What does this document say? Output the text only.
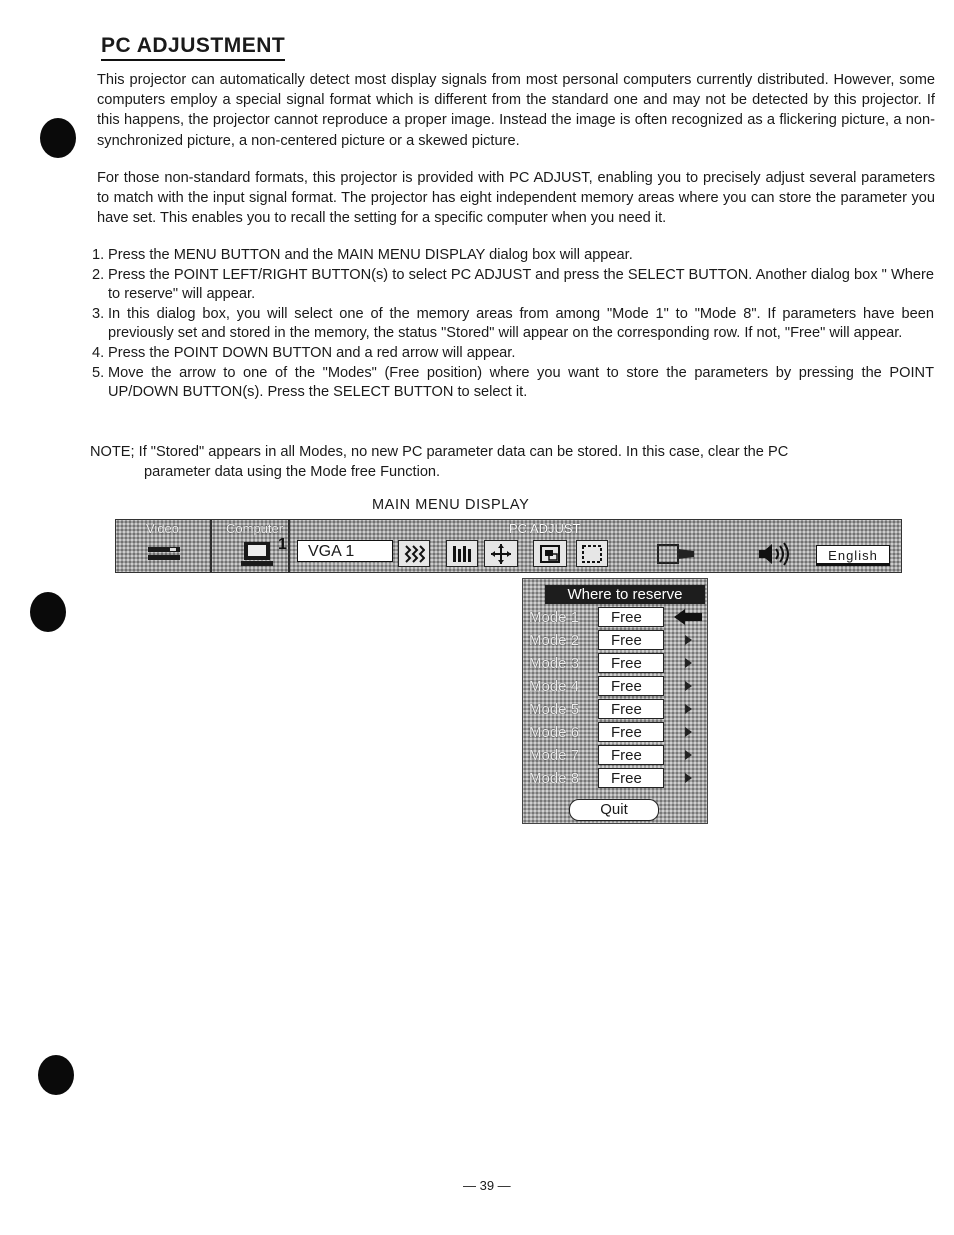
PC ADJUSTMENT

This projector can automatically detect most display signals from most personal computers currently distributed. However, some computers employ a special signal format which is different from the standard one and may not be detected by this projector. If this happens, the projector cannot reproduce a proper image. Instead the image is often recognized as a flickering picture, a non-synchronized picture, a non-centered picture or a skewed picture.

For those non-standard formats, this projector is provided with PC ADJUST, enabling you to precisely adjust several parameters to match with the input signal format. The projector has eight independent memory areas where you can store the parameter you have set. This enables you to recall the setting for a specific computer when you need it.

1. Press the MENU BUTTON and the MAIN MENU DISPLAY dialog box will appear.
2. Press the POINT LEFT/RIGHT BUTTON(s) to select PC ADJUST and press the SELECT BUTTON. Another dialog box " Where to reserve" will appear.
3. In this dialog box, you will select one of the memory areas from among "Mode 1" to "Mode 8". If parameters have been previously set and stored in the memory, the status "Stored" will appear on the corresponding row. If not, "Free" will appear.
4. Press the POINT DOWN BUTTON and a red arrow will appear.
5. Move the arrow to one of the "Modes" (Free position) where you want to store the parameters by pressing the POINT UP/DOWN BUTTON(s). Press the SELECT BUTTON to select it.

NOTE; If "Stored" appears in all Modes, no new PC parameter data can be stored. In this case, clear the PC
parameter data using the Mode free Function.

MAIN MENU DISPLAY
Video	Computer
1	VGA 1
PC ADJUST
English
Where to reserve
Mode 1	Free
Mode 2	Free
Mode 3	Free
Mode 4	Free
Mode 5	Free
Mode 6	Free
Mode 7	Free
Mode 8	Free
Quit
— 39 —
